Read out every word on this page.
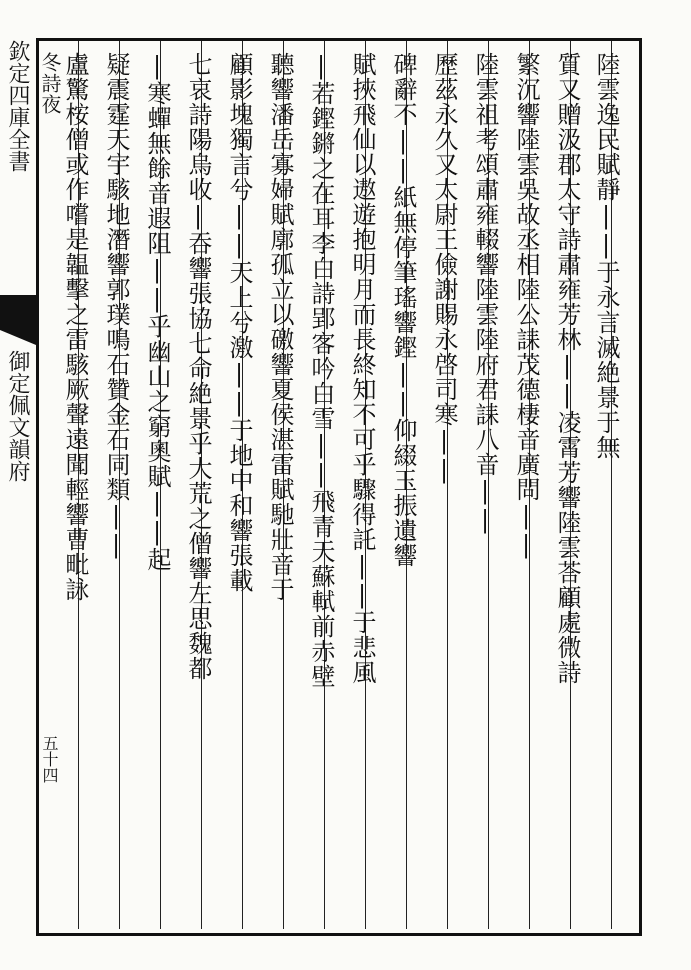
欽定四庫全書

御定佩文韻府

五十四

陸雲逸民賦靜||于永言滅絶景于無

質又贈汲郡太守詩肅雍芳林||凌霄芳響陸雲荅顧處微詩

繁沉響陸雲吳故丞相陸公誄茂德棲音廣問||

陸雲祖考頌肅雍輟響陸雲陸府君誄八音||

歷茲永久又太尉王儉謝賜永啓司寒||

碑辭不||紙無停筆瑤響鏗||仰綴玉振遺響

賦挾飛仙以遨遊抱明月而長終知不可乎驟得託||于悲風

|若鏗鏘之在耳李白詩郢客吟白雪||飛青天蘇軾前赤壁

聽響潘岳寡婦賦廓孤立以礉響夏侯湛雷賦馳壯音于

顧影塊獨言兮||天上兮激||于地中和響張載

七哀詩陽烏收|吞響張協七命絶景乎大荒之僧響左思魏都

|寒蟬無餘音遐阻||乎幽山之窮奧賦||起

疑震霆天宇駭地潛響郭璞鳴石贊金石同類||

盧驚桉僧或作嚐是韞擊之雷駭厥聲遠聞輕響曹毗詠

冬詩夜
